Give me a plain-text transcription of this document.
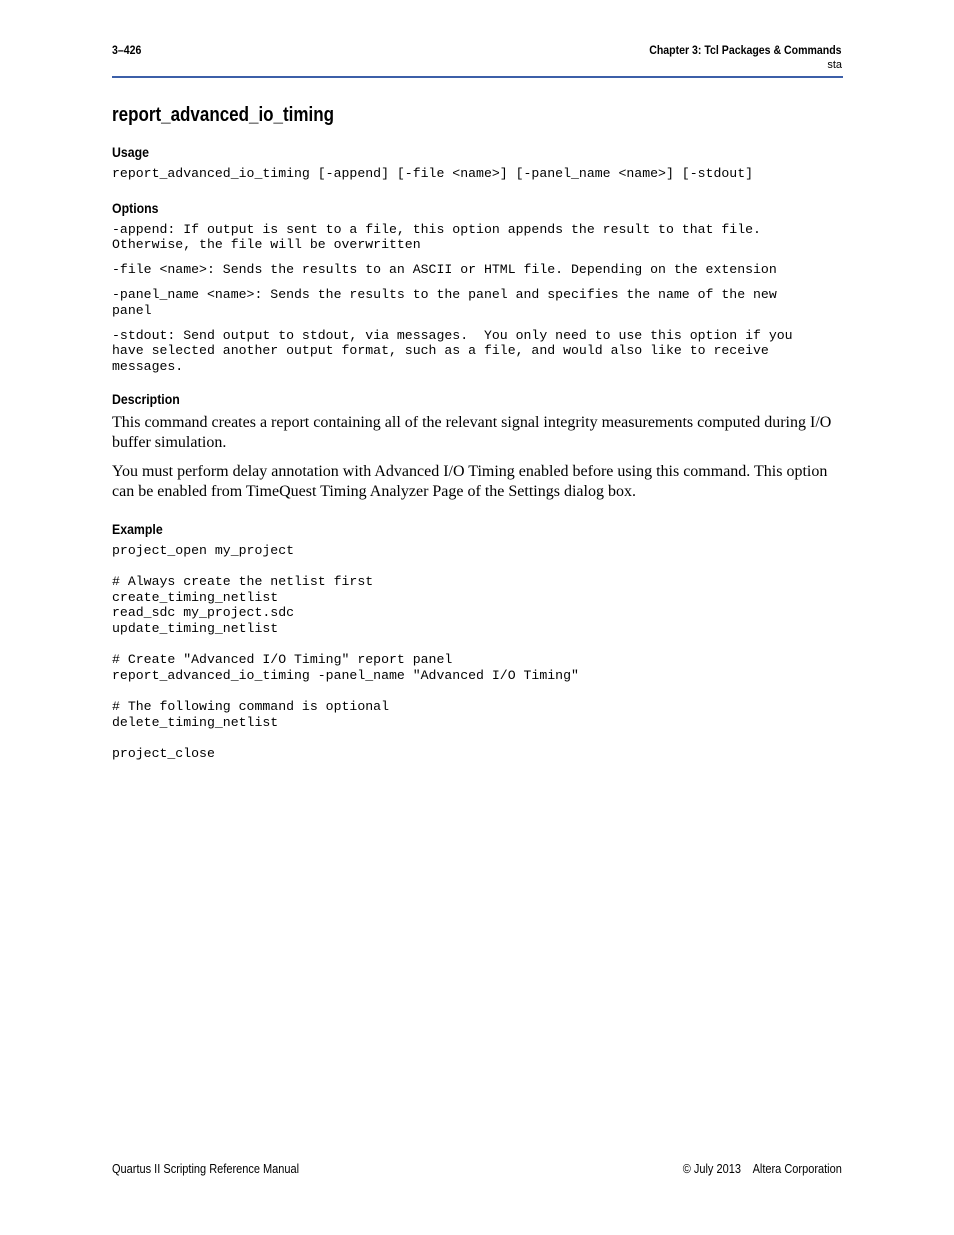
3–426	Chapter 3: Tcl Packages & Commands
sta
report_advanced_io_timing
Usage
report_advanced_io_timing [-append] [-file <name>] [-panel_name <name>] [-stdout]
Options
-append: If output is sent to a file, this option appends the result to that file.
Otherwise, the file will be overwritten
-file <name>: Sends the results to an ASCII or HTML file. Depending on the extension
-panel_name <name>: Sends the results to the panel and specifies the name of the new
panel
-stdout: Send output to stdout, via messages.  You only need to use this option if you
have selected another output format, such as a file, and would also like to receive
messages.
Description

This command creates a report containing all of the relevant signal integrity measurements computed during I/O buffer simulation.

You must perform delay annotation with Advanced I/O Timing enabled before using this command. This option can be enabled from TimeQuest Timing Analyzer Page of the Settings dialog box.

Example
project_open my_project

# Always create the netlist first
create_timing_netlist
read_sdc my_project.sdc
update_timing_netlist

# Create "Advanced I/O Timing" report panel
report_advanced_io_timing -panel_name "Advanced I/O Timing"

# The following command is optional
delete_timing_netlist

project_close
Quartus II Scripting Reference Manual	© July 2013    Altera Corporation
